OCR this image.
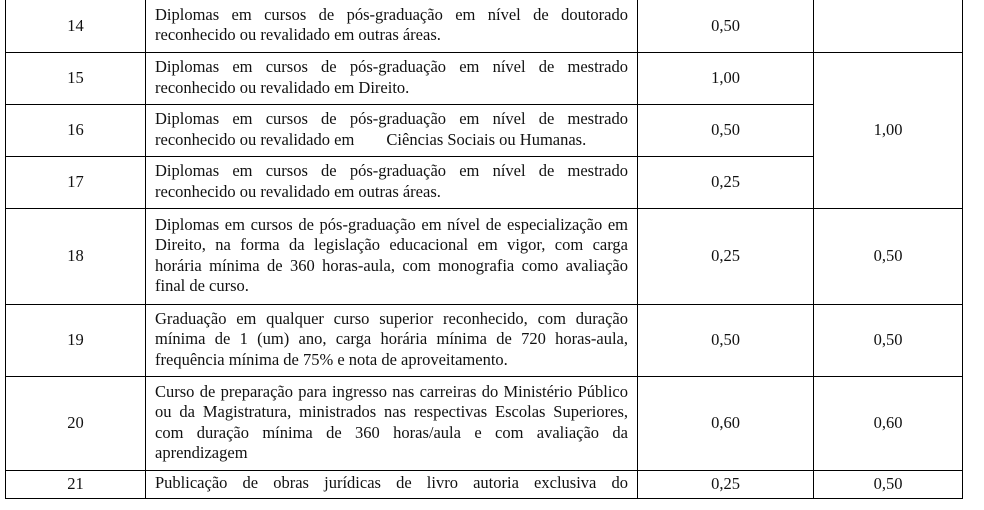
14	Diplomas em cursos de pós-graduação em nível de doutorado reconhecido ou revalidado em outras áreas.	0,50	
15	Diplomas em cursos de pós-graduação em nível de mestrado reconhecido ou revalidado em Direito.	1,00	1,00
16	Diplomas em cursos de pós-graduação em nível de mestrado reconhecido ou revalidado em Ciências Sociais ou Humanas.	0,50	
17	Diplomas em cursos de pós-graduação em nível de mestrado reconhecido ou revalidado em outras áreas.	0,25	
18	Diplomas em cursos de pós-graduação em nível de especialização em Direito, na forma da legislação educacional em vigor, com carga horária mínima de 360 horas-aula, com monografia como avaliação final de curso.	0,25	0,50
19	Graduação em qualquer curso superior reconhecido, com duração mínima de 1 (um) ano, carga horária mínima de 720 horas-aula, frequência mínima de 75% e nota de aproveitamento.	0,50	0,50
20	Curso de preparação para ingresso nas carreiras do Ministério Público ou da Magistratura, ministrados nas respectivas Escolas Superiores, com duração mínima de 360 horas/aula e com avaliação da aprendizagem	0,60	0,60
21	Publicação de obras jurídicas de livro autoria exclusiva do	0,25	0,50
